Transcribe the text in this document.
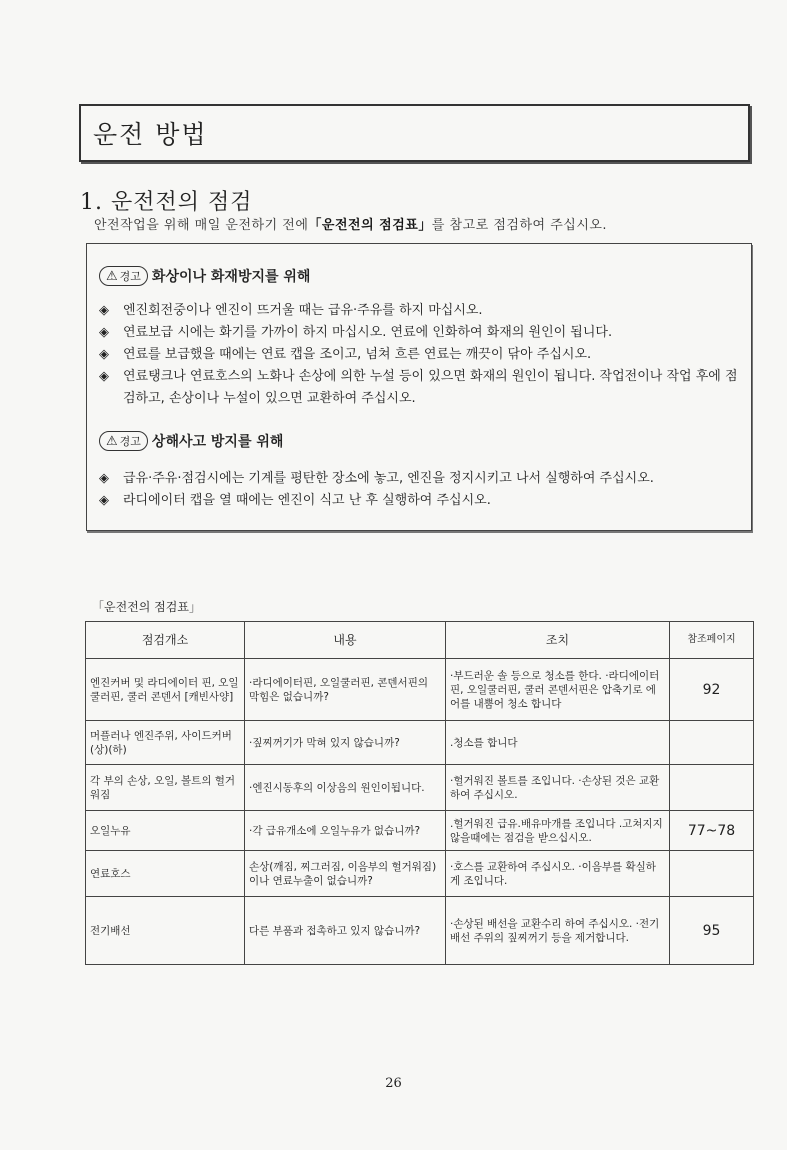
운전 방법
1. 운전전의 점검
안전작업을 위해 매일 운전하기 전에「운전전의 점검표」를 참고로 점검하여 주십시오.
⚠ 경고 화상이나 화재방지를 위해
◈ 엔진회전중이나 엔진이 뜨거울 때는 급유·주유를 하지 마십시오.
◈ 연료보급 시에는 화기를 가까이 하지 마십시오. 연료에 인화하여 화재의 원인이 됩니다.
◈ 연료를 보급했을 때에는 연료 캡을 조이고, 넘쳐 흐른 연료는 깨끗이 닦아 주십시오.
◈ 연료탱크나 연료호스의 노화나 손상에 의한 누설 등이 있으면 화재의 원인이 됩니다. 작업전이나 작업 후에 점검하고, 손상이나 누설이 있으면 교환하여 주십시오.
⚠ 경고 상해사고 방지를 위해
◈ 급유·주유·점검시에는 기계를 평탄한 장소에 놓고, 엔진을 정지시키고 나서 실행하여 주십시오.
◈ 라디에이터 캡을 열 때에는 엔진이 식고 난 후 실행하여 주십시오.
「운전전의 점검표」
점검개소	내용	조치	참조페이지
엔진커버 및 라디에이터 핀, 오일쿨러핀, 쿨러 콘덴서 [캐빈사양]	·라디에이터핀, 오일쿨러핀, 콘덴서핀의 막힘은 없습니까?	·부드러운 솔 등으로 청소를 한다. ·라디에이터핀, 오일쿨러핀, 쿨러 콘덴서핀은 압축기로 에어를 내뿜어 청소 합니다	92
머플러나 엔진주위, 사이드커버(상)(하)	·짚찌꺼기가 막혀 있지 않습니까?	.청소를 합니다	
각 부의 손상, 오일, 볼트의 헐거워짐	·엔진시동후의 이상음의 원인이됩니다.	·헐거워진 볼트를 조입니다. ·손상된 것은 교환하여 주십시오.	
오일누유	·각 급유개소에 오일누유가 없습니까?	.헐거워진 급유.배유마개를 조입니다 .고쳐지지 않을때에는 점검을 받으십시오.	77~78
연료호스	손상(깨짐, 찌그러짐, 이음부의 헐거워짐)이나 연료누출이 없습니까?	·호스를 교환하여 주십시오. ·이음부를 확실하게 조입니다.	
전기배선	다른 부품과 접촉하고 있지 않습니까?	·손상된 배선을 교환수리 하여 주십시오. ·전기배선 주위의 짚찌꺼기 등을 제거합니다.	95
26
